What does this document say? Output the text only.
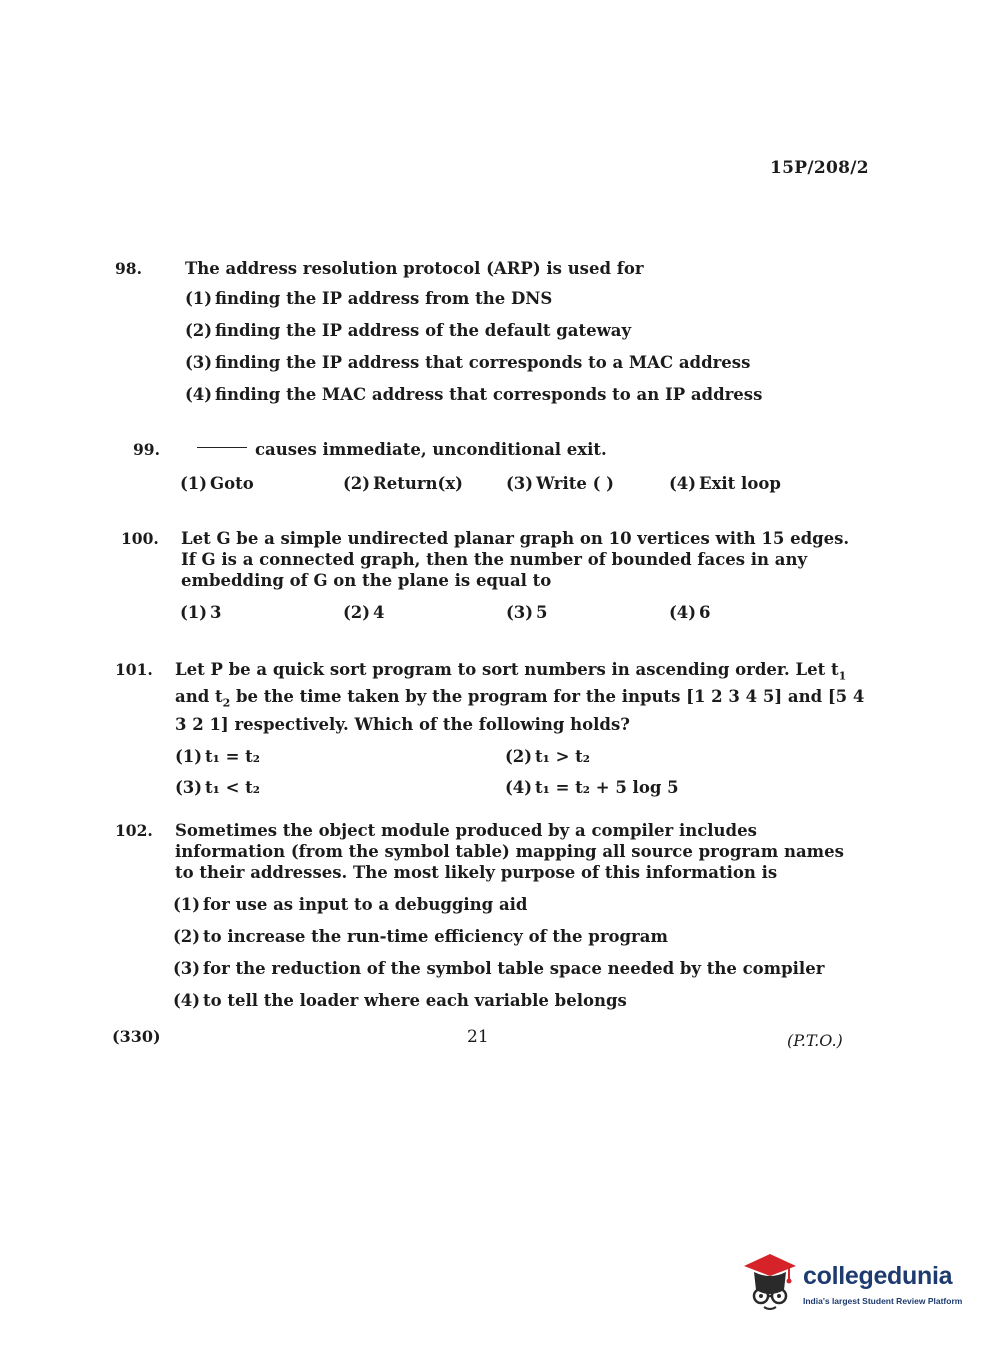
15P/208/2
98.	The address resolution protocol (ARP) is used for
(1) finding the IP address from the DNS
(2) finding the IP address of the default gateway
(3) finding the IP address that corresponds to a MAC address
(4) finding the MAC address that corresponds to an IP address
99.	causes immediate, unconditional exit.
(1) Goto	(2) Return(x)	(3) Write ( )	(4) Exit loop
100.	Let G be a simple undirected planar graph on 10 vertices with 15 edges. If G is a connected graph, then the number of bounded faces in any embedding of G on the plane is equal to
(1) 3	(2) 4	(3) 5	(4) 6
101.	Let P be a quick sort program to sort numbers in ascending order. Let $t_1$ and $t_2$ be the time taken by the program for the inputs [1 2 3 4 5] and [5 4 3 2 1] respectively. Which of the following holds?
(1) t₁ = t₂	(2) t₁ > t₂
(3) t₁ < t₂	(4) t₁ = t₂ + 5 log 5
102.	Sometimes the object module produced by a compiler includes information (from the symbol table) mapping all source program names to their addresses. The most likely purpose of this information is
(1) for use as input to a debugging aid
(2) to increase the run-time efficiency of the program
(3) for the reduction of the symbol table space needed by the compiler
(4) to tell the loader where each variable belongs
(330)	21	(P.T.O.)
collegedunia
India's largest Student Review Platform
